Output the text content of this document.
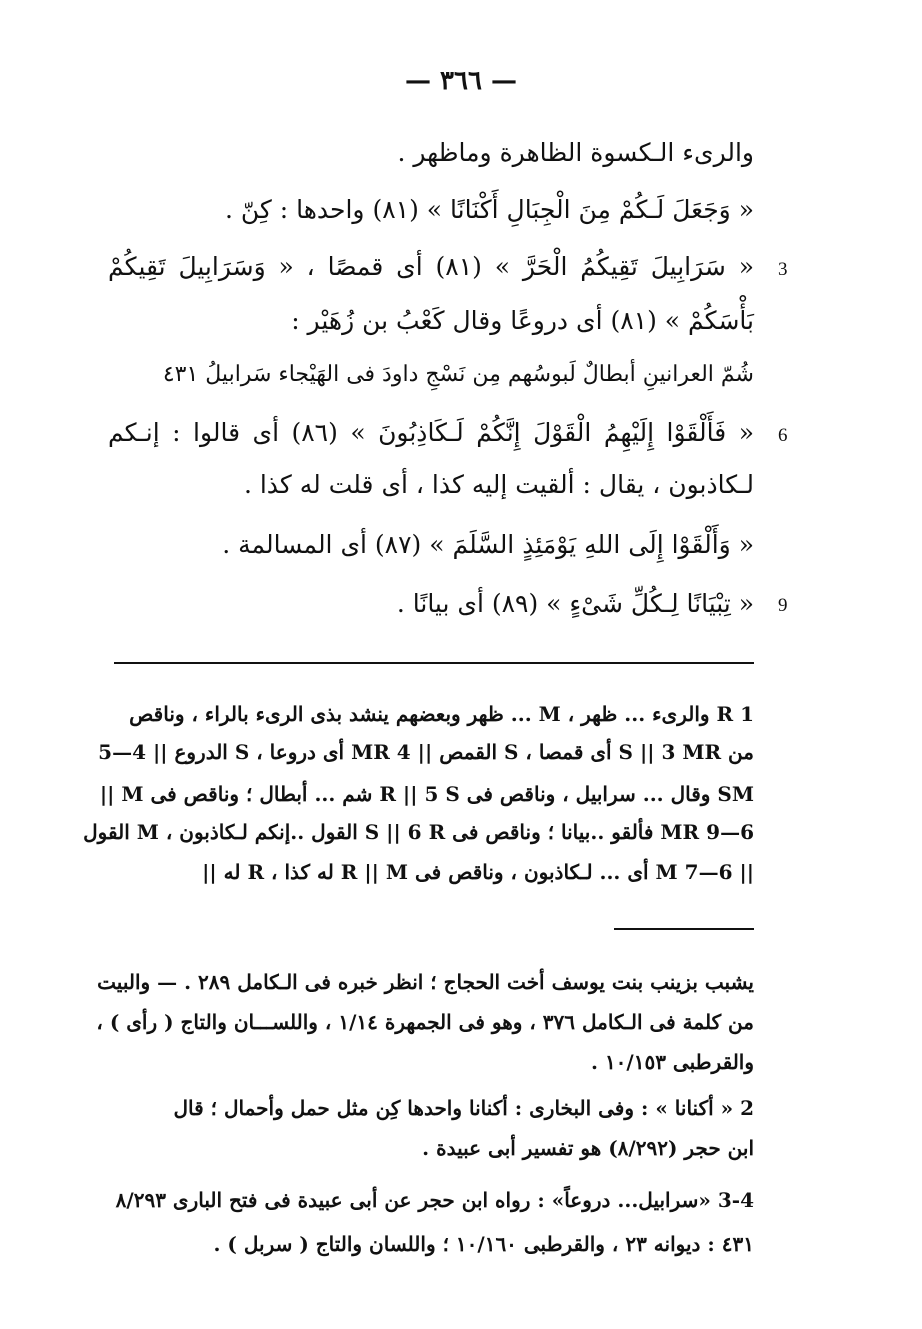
— ٣٦٦ —
والرىء الـكسوة الظاهرة وماظهر .
« وَجَعَلَ لَـكُمْ مِنَ الْجِبَالِ أَكْنَانًا » (٨١) واحدها : كِنّ .
« سَرَابِيلَ تَقِيكُمُ الْحَرَّ » (٨١) أى قمصًا ، « وَسَرَابِيلَ تَقِيكُمْ
بَأْسَكُمْ » (٨١) أى دروعًا وقال كَعْبُ بن زُهَيْر :
شُمّ العرانينِ أبطالٌ لَبوسُهم مِن نَسْجِ داودَ فى الهَيْجاء سَرابيلُ ٤٣١
« فَأَلْقَوْا إِلَيْهِمُ الْقَوْلَ إِنَّكُمْ لَـكَاذِبُونَ » (٨٦) أى قالوا : إنـكم
لـكاذبون ، يقال : ألقيت إليه كذا ، أى قلت له كذا .
« وَأَلْقَوْا إِلَى اللهِ يَوْمَئِذٍ السَّلَمَ » (٨٧) أى المسالمة .
« تِبْيَانًا لِـكُلِّ شَىْءٍ » (٨٩) أى بيانًا .
3
6
9
R 1 والرىء ... ظهر ، M ... ظهر وبعضهم ينشد بذى الرىء بالراء ، وناقص
من S || 3 MR أى قمصا ، S القمص || 4 MR أى دروعا ، S الدروع || 4—5
SM وقال ... سرابيل ، وناقص فى R || 5 S شم ... أبطال ؛ وناقص فى M ||
6—9 MR فألقو ..بيانا ؛ وناقص فى S || 6 R القول ..إنكم لـكاذبون ، M القول
|| 6—7 M أى ... لـكاذبون ، وناقص فى R || M له كذا ، R له ||
يشبب بزينب بنت يوسف أخت الحجاج ؛ انظر خبره فى الـكامل ٢٨٩ . — والبيت
من كلمة فى الـكامل ٣٧٦ ، وهو فى الجمهرة ١/١٤ ، واللســـان والتاج ( رأى ) ،
والقرطبى ١٠/١٥٣ .
2 « أكنانا » : وفى البخارى : أكنانا واحدها كِن مثل حمل وأحمال ؛ قال
ابن حجر (٨/٢٩٢) هو تفسير أبى عبيدة .
3-4 «سرابيل... دروعاً» : رواه ابن حجر عن أبى عبيدة فى فتح البارى ٨/٢٩٣
٤٣١ : ديوانه ٢٣ ، والقرطبى ١٠/١٦٠ ؛ واللسان والتاج ( سربل ) .
